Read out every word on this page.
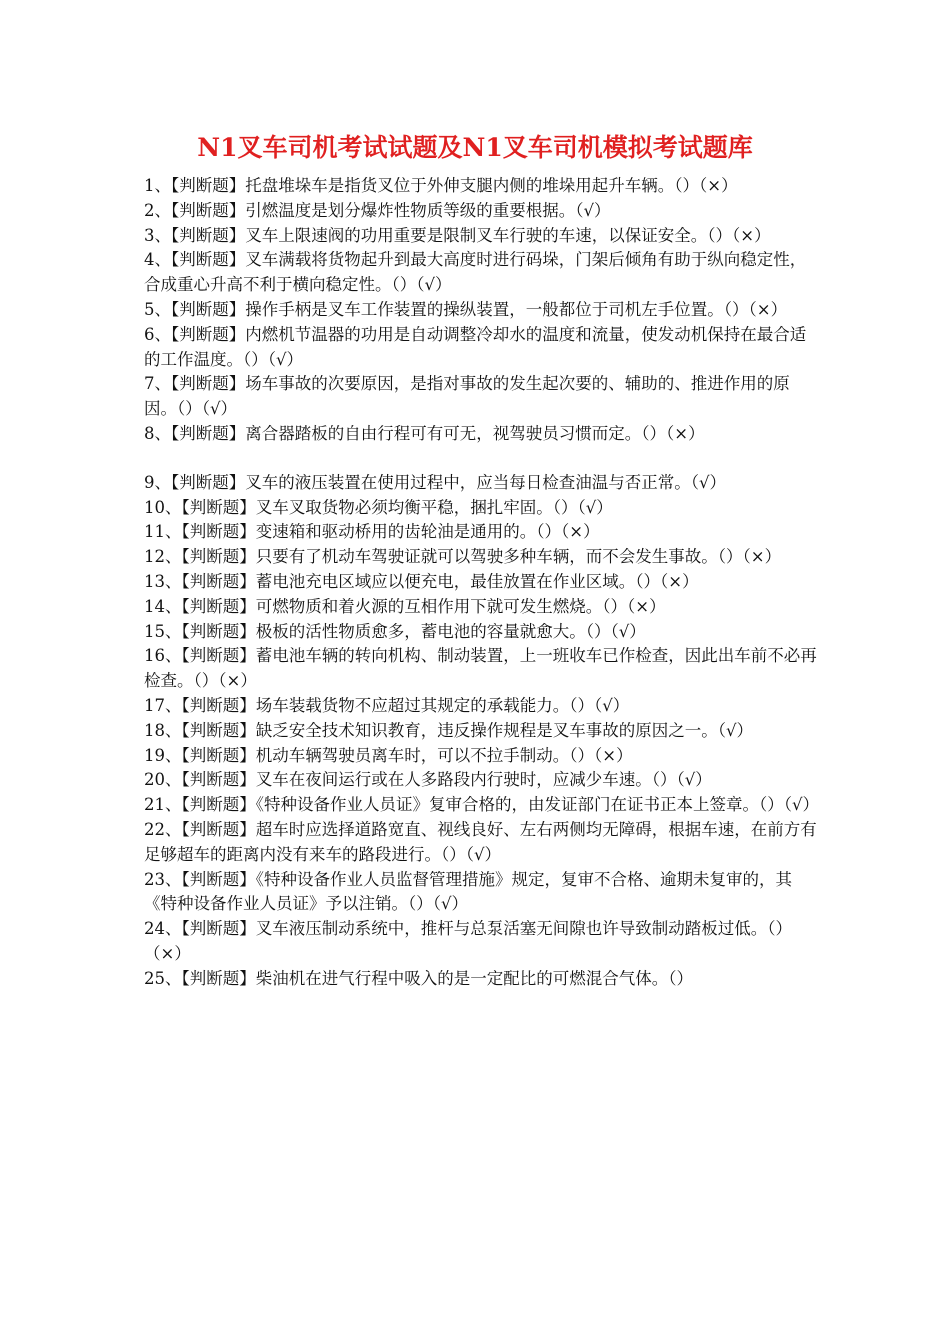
N1叉车司机考试试题及N1叉车司机模拟考试题库

1、【判断题】托盘堆垛车是指货叉位于外伸支腿内侧的堆垛用起升车辆。（）（×）

2、【判断题】引燃温度是划分爆炸性物质等级的重要根据。（√）

3、【判断题】叉车上限速阀的功用重要是限制叉车行驶的车速，以保证安全。（）（×）

4、【判断题】叉车满载将货物起升到最大高度时进行码垛，门架后倾角有助于纵向稳定性，合成重心升高不利于横向稳定性。（）（√）

5、【判断题】操作手柄是叉车工作装置的操纵装置，一般都位于司机左手位置。（）（×）

6、【判断题】内燃机节温器的功用是自动调整冷却水的温度和流量，使发动机保持在最合适的工作温度。（）（√）

7、【判断题】场车事故的次要原因，是指对事故的发生起次要的、辅助的、推进作用的原因。（）（√）

8、【判断题】离合器踏板的自由行程可有可无，视驾驶员习惯而定。（）（×）

9、【判断题】叉车的液压装置在使用过程中，应当每日检查油温与否正常。（√）

10、【判断题】叉车叉取货物必须均衡平稳，捆扎牢固。（）（√）

11、【判断题】变速箱和驱动桥用的齿轮油是通用的。（）（×）

12、【判断题】只要有了机动车驾驶证就可以驾驶多种车辆，而不会发生事故。（）（×）

13、【判断题】蓄电池充电区域应以便充电，最佳放置在作业区域。（）（×）

14、【判断题】可燃物质和着火源的互相作用下就可发生燃烧。（）（×）

15、【判断题】极板的活性物质愈多，蓄电池的容量就愈大。（）（√）

16、【判断题】蓄电池车辆的转向机构、制动装置，上一班收车已作检查，因此出车前不必再检查。（）（×）

17、【判断题】场车装载货物不应超过其规定的承载能力。（）（√）

18、【判断题】缺乏安全技术知识教育，违反操作规程是叉车事故的原因之一。（√）

19、【判断题】机动车辆驾驶员离车时，可以不拉手制动。（）（×）

20、【判断题】叉车在夜间运行或在人多路段内行驶时，应减少车速。（）（√）

21、【判断题】《特种设备作业人员证》复审合格的，由发证部门在证书正本上签章。（）（√）

22、【判断题】超车时应选择道路宽直、视线良好、左右两侧均无障碍，根据车速，在前方有足够超车的距离内没有来车的路段进行。（）（√）

23、【判断题】《特种设备作业人员监督管理措施》规定，复审不合格、逾期未复审的，其《特种设备作业人员证》予以注销。（）（√）

24、【判断题】叉车液压制动系统中，推杆与总泵活塞无间隙也许导致制动踏板过低。（）（×）

25、【判断题】柴油机在进气行程中吸入的是一定配比的可燃混合气体。（）
